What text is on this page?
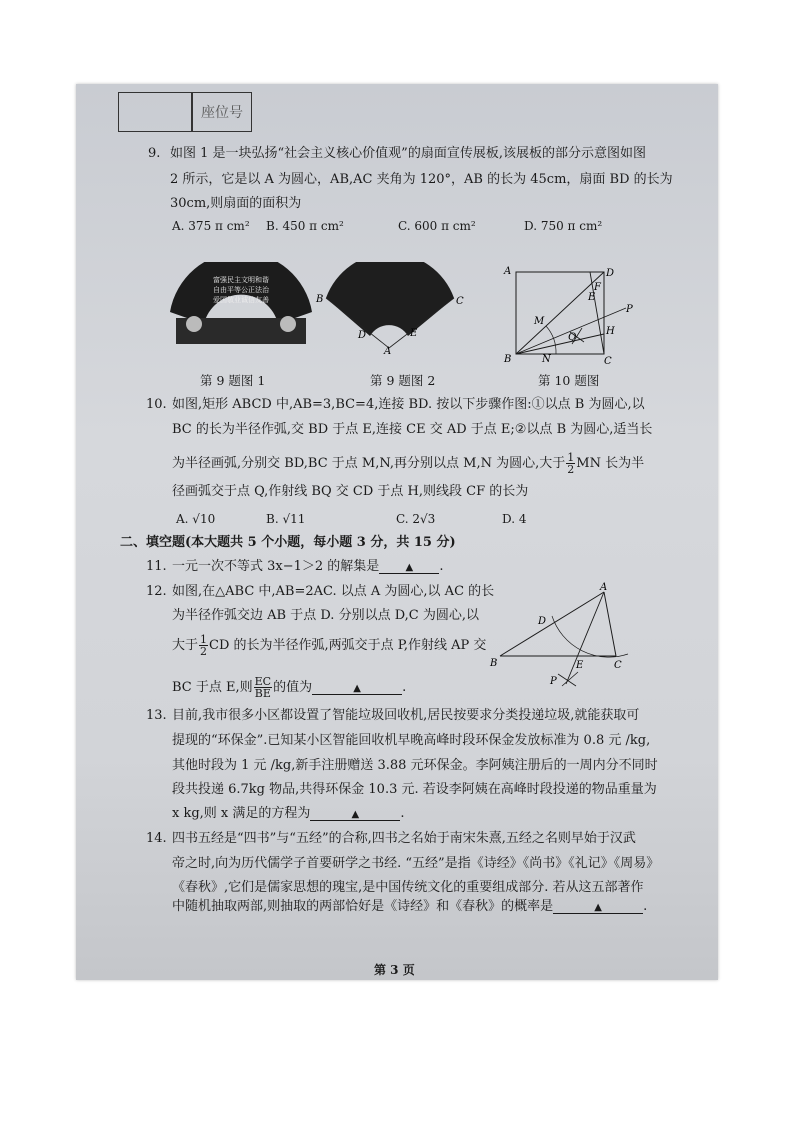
座位号
9. 如图 1 是一块弘扬“社会主义核心价值观”的扇面宣传展板,该展板的部分示意图如图
2 所示，它是以 A 为圆心，AB,AC 夹角为 120°，AB 的长为 45cm，扇面 BD 的长为
30cm,则扇面的面积为
A. 375 π cm² B. 450 π cm²	C. 600 π cm²	D. 750 π cm²
富强民主文明和谐
自由平等公正法治
爱国敬业诚信友善	B	C
D	E
A
A	D
B	C
E
F
H
M
N
Q
P
第 9 题图 1	第 9 题图 2	第 10 题图
10. 如图,矩形 ABCD 中,AB=3,BC=4,连接 BD. 按以下步骤作图:①以点 B 为圆心,以
BC 的长为半径作弧,交 BD 于点 E,连接 CE 交 AD 于点 E;②以点 B 为圆心,适当长
为半径画弧,分别交 BD,BC 于点 M,N,再分别以点 M,N 为圆心,大于 $\frac{1}{2}$ MN 长为半
径画弧交于点 Q,作射线 BQ 交 CD 于点 H,则线段 CF 的长为
A. √10	B. √11	C. 2√3	D. 4
二、填空题(本大题共 5 个小题，每小题 3 分，共 15 分)
11. 一元一次不等式 3x−1＞2 的解集是	▲ .
12. 如图,在△ABC 中,AB=2AC. 以点 A 为圆心,以 AC 的长
为半径作弧交边 AB 于点 D. 分别以点 D,C 为圆心,以
大于 $\frac{1}{2}$ CD 的长为半径作弧,两弧交于点 P,作射线 AP 交
BC 于点 E,则 $\frac{EC}{BE}$ 的值为	▲	.
A
B	C
D
E
P
13. 目前,我市很多小区都设置了智能垃圾回收机,居民按要求分类投递垃圾,就能获取可
提现的“环保金”.已知某小区智能回收机早晚高峰时段环保金发放标准为 0.8 元 /kg,
其他时段为 1 元 /kg,新手注册赠送 3.88 元环保金。李阿姨注册后的一周内分不同时
段共投递 6.7kg 物品,共得环保金 10.3 元. 若设李阿姨在高峰时段投递的物品重量为
x kg,则 x 满足的方程为	▲	.
14. 四书五经是“四书”与“五经”的合称,四书之名始于南宋朱熹,五经之名则早始于汉武
帝之时,向为历代儒学子首要研学之书经. “五经”是指《诗经》《尚书》《礼记》《周易》
《春秋》,它们是儒家思想的瑰宝,是中国传统文化的重要组成部分. 若从这五部著作
中随机抽取两部,则抽取的两部恰好是《诗经》和《春秋》的概率是	▲	.
第 3 页
